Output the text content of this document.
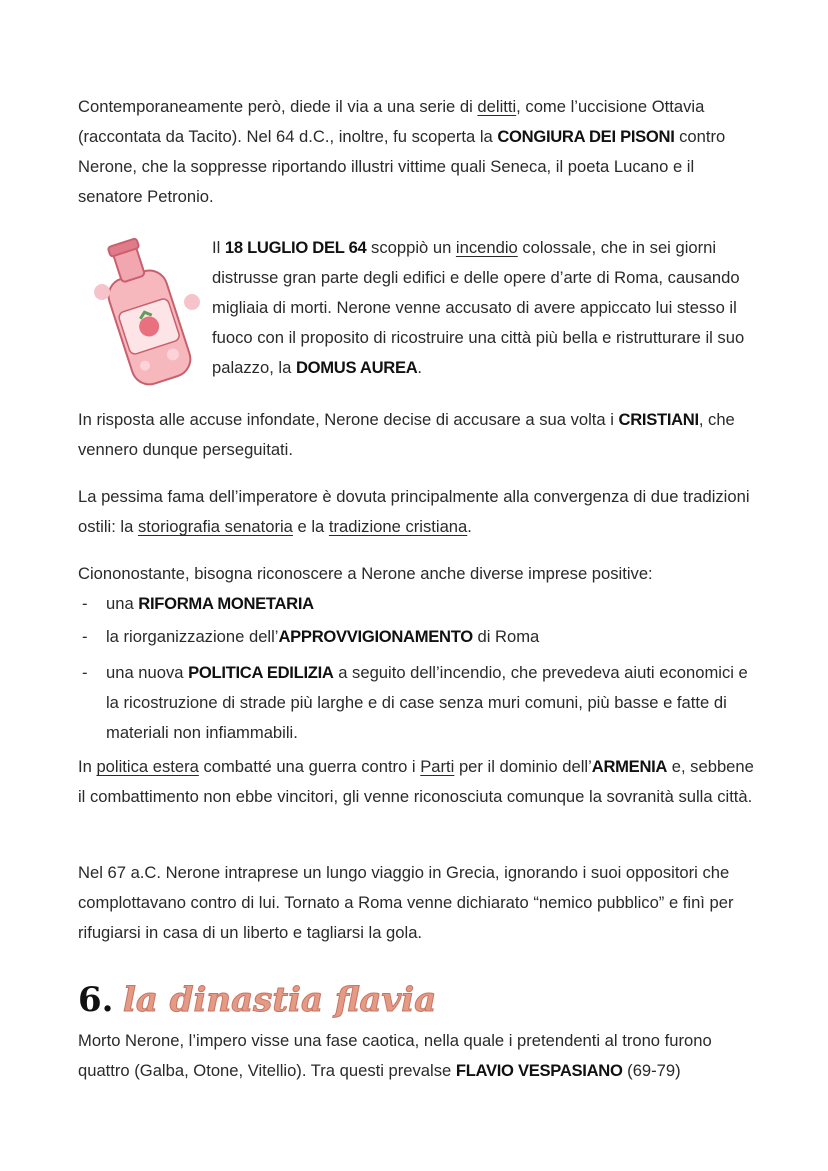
Contemporaneamente però, diede il via a una serie di delitti, come l’uccisione Ottavia (raccontata da Tacito). Nel 64 d.C., inoltre, fu scoperta la CONGIURA DEI PISONI contro Nerone, che la soppresse riportando illustri vittime quali Seneca, il poeta Lucano e il senatore Petronio.
Il 18 LUGLIO DEL 64 scoppiò un incendio colossale, che in sei giorni distrusse gran parte degli edifici e delle opere d’arte di Roma, causando migliaia di morti. Nerone venne accusato di avere appiccato lui stesso il fuoco con il proposito di ricostruire una città più bella e ristrutturare il suo palazzo, la DOMUS AUREA.
In risposta alle accuse infondate, Nerone decise di accusare a sua volta i CRISTIANI, che vennero dunque perseguitati.
La pessima fama dell’imperatore è dovuta principalmente alla convergenza di due tradizioni ostili: la storiografia senatoria e la tradizione cristiana.
Ciononostante, bisogna riconoscere a Nerone anche diverse imprese positive:
- una RIFORMA MONETARIA
- la riorganizzazione dell’APPROVVIGIONAMENTO di Roma
- una nuova POLITICA EDILIZIA a seguito dell’incendio, che prevedeva aiuti economici e la ricostruzione di strade più larghe e di case senza muri comuni, più basse e fatte di materiali non infiammabili.
In politica estera combatté una guerra contro i Parti per il dominio dell’ARMENIA e, sebbene il combattimento non ebbe vincitori, gli venne riconosciuta comunque la sovranità sulla città.
Nel 67 a.C. Nerone intraprese un lungo viaggio in Grecia, ignorando i suoi oppositori che complottavano contro di lui. Tornato a Roma venne dichiarato “nemico pubblico” e finì per rifugiarsi in casa di un liberto e tagliarsi la gola.
6. la dinastia flavia
Morto Nerone, l’impero visse una fase caotica, nella quale i pretendenti al trono furono quattro (Galba, Otone, Vitellio). Tra questi prevalse FLAVIO VESPASIANO (69-79)
